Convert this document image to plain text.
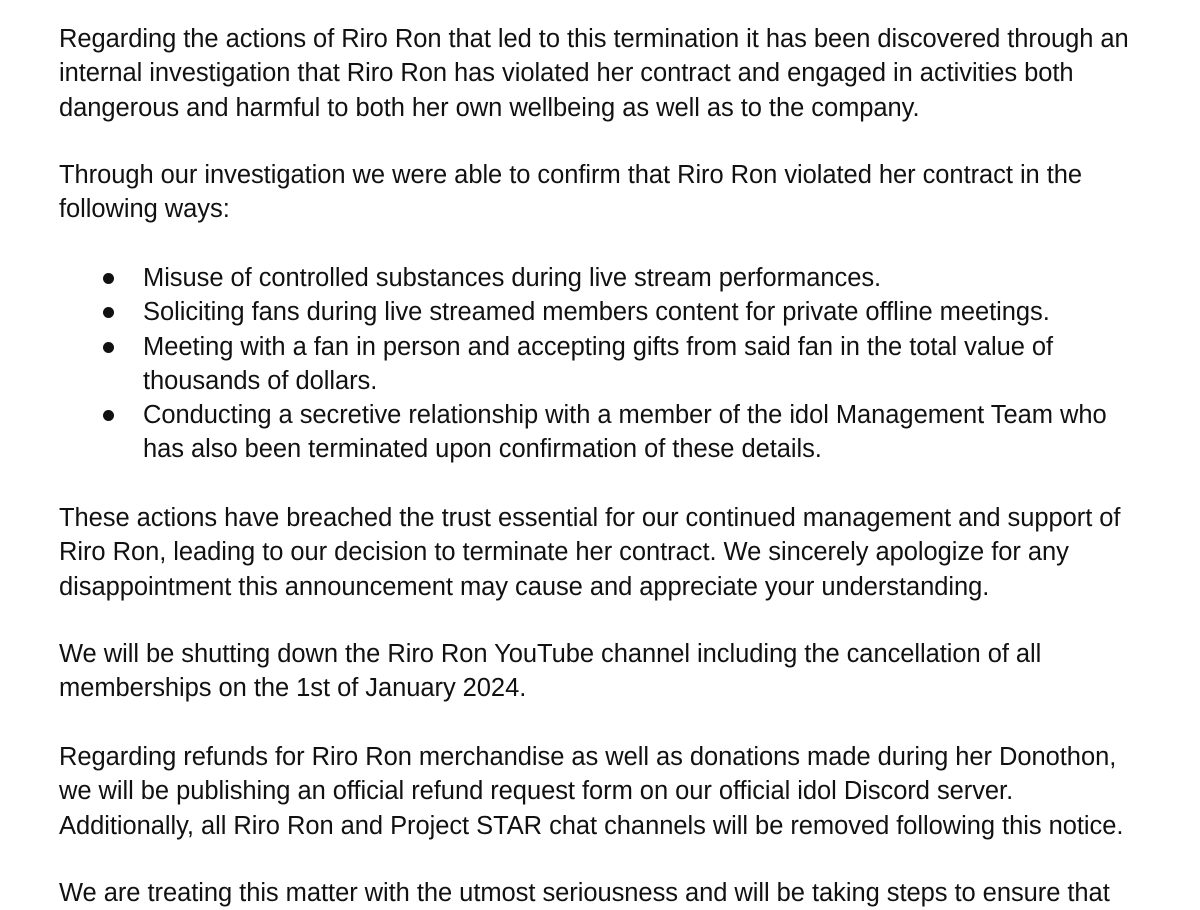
Regarding the actions of Riro Ron that led to this termination it has been discovered through an
internal investigation that Riro Ron has violated her contract and engaged in activities both
dangerous and harmful to both her own wellbeing as well as to the company.

Through our investigation we were able to confirm that Riro Ron violated her contract in the
following ways:

Misuse of controlled substances during live stream performances.
Soliciting fans during live streamed members content for private offline meetings.
Meeting with a fan in person and accepting gifts from said fan in the total value of
thousands of dollars.
Conducting a secretive relationship with a member of the idol Management Team who
has also been terminated upon confirmation of these details.

These actions have breached the trust essential for our continued management and support of
Riro Ron, leading to our decision to terminate her contract. We sincerely apologize for any
disappointment this announcement may cause and appreciate your understanding.

We will be shutting down the Riro Ron YouTube channel including the cancellation of all
memberships on the 1st of January 2024.

Regarding refunds for Riro Ron merchandise as well as donations made during her Donothon,
we will be publishing an official refund request form on our official idol Discord server.
Additionally, all Riro Ron and Project STAR chat channels will be removed following this notice.

We are treating this matter with the utmost seriousness and will be taking steps to ensure that
